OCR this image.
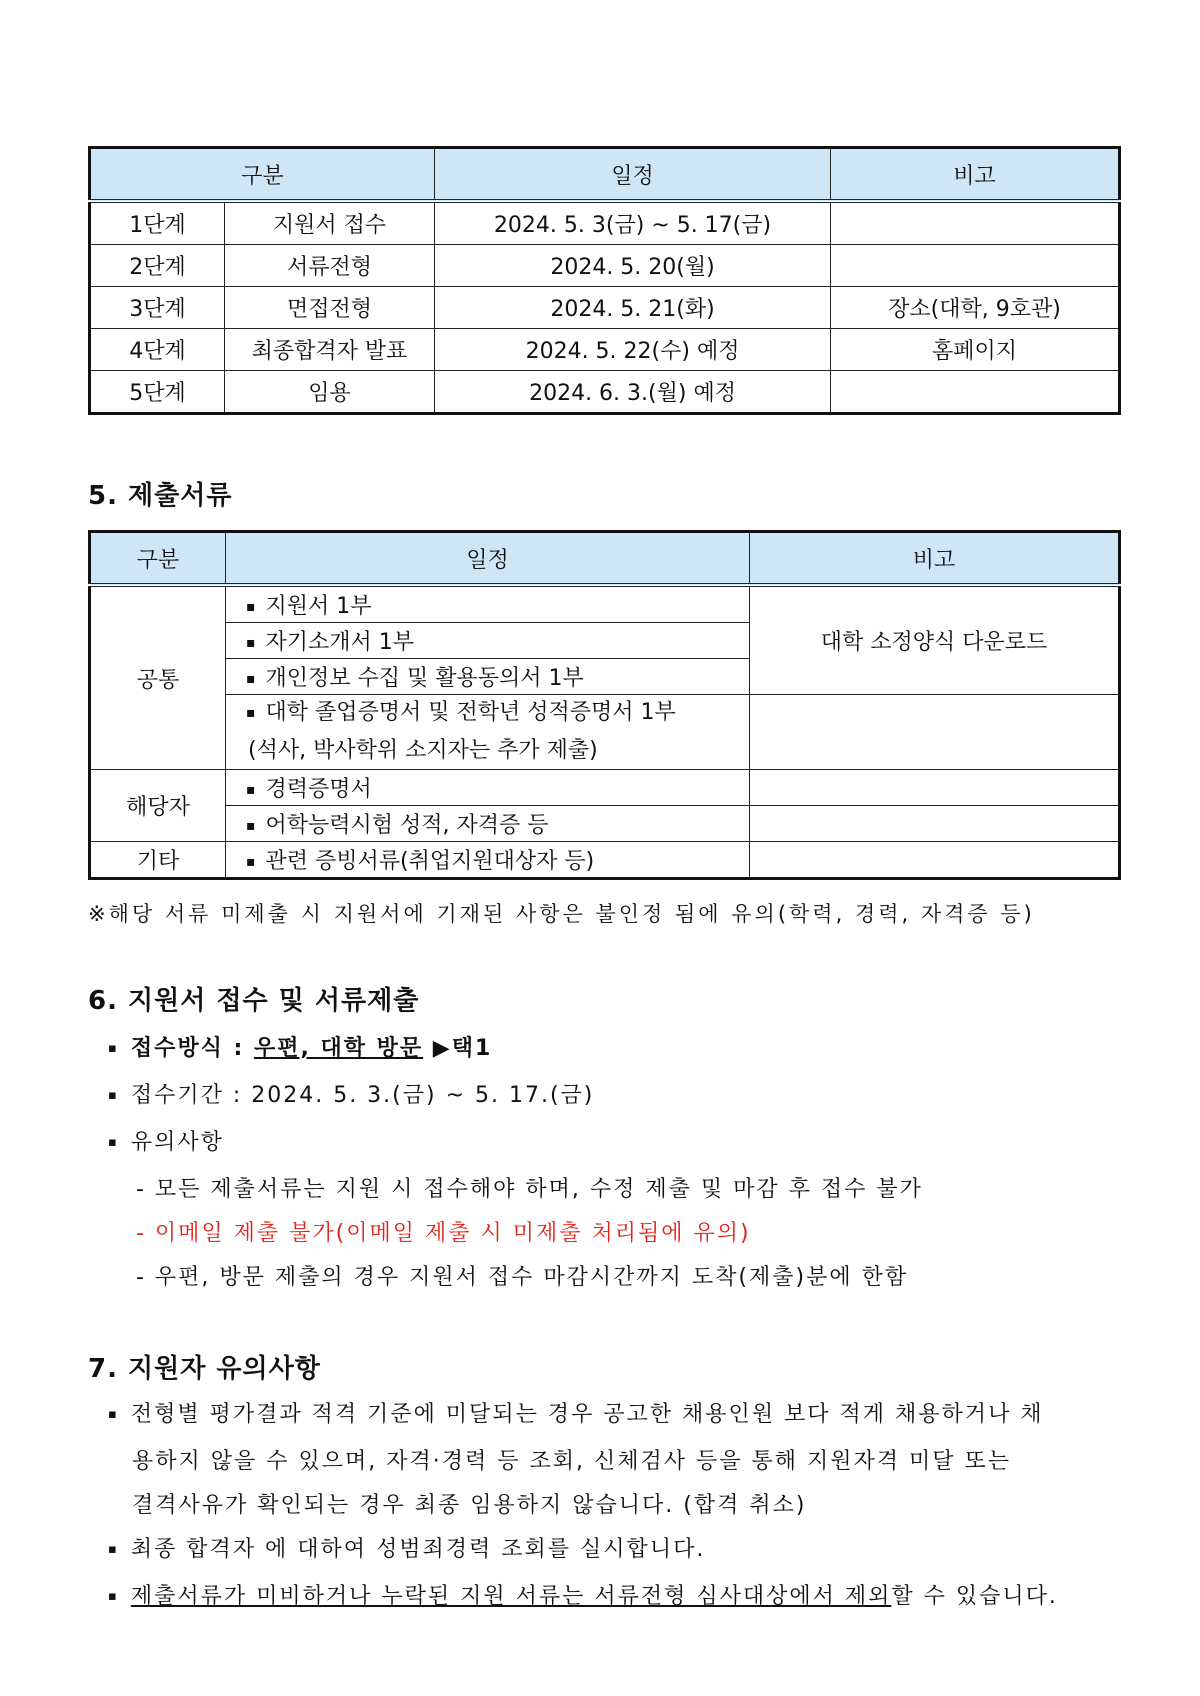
구분		일정	비고
1단계	지원서 접수	2024. 5. 3(금) ~ 5. 17(금)	
2단계	서류전형	2024. 5. 20(월)	
3단계	면접전형	2024. 5. 21(화)	장소(대학, 9호관)
4단계	최종합격자 발표	2024. 5. 22(수) 예정	홈페이지
5단계	임용	2024. 6. 3.(월) 예정	
5. 제출서류
구분	일정	비고
공통	▪ 지원서 1부	대학 소정양식 다운로드
	▪ 자기소개서 1부	
	▪ 개인정보 수집 및 활용동의서 1부	
	▪ 대학 졸업증명서 및 전학년 성적증명서 1부
(석사, 박사학위 소지자는 추가 제출)	
해당자	▪ 경력증명서	
	▪ 어학능력시험 성적, 자격증 등	
기타	▪ 관련 증빙서류(취업지원대상자 등)	
※해당 서류 미제출 시 지원서에 기재된 사항은 불인정 됨에 유의(학력, 경력, 자격증 등)
6. 지원서 접수 및 서류제출
▪ 접수방식 : 우편, 대학 방문 ▶택1
▪ 접수기간 : 2024. 5. 3.(금) ~ 5. 17.(금)
▪ 유의사항
- 모든 제출서류는 지원 시 접수해야 하며, 수정 제출 및 마감 후 접수 불가
- 이메일 제출 불가(이메일 제출 시 미제출 처리됨에 유의)
- 우편, 방문 제출의 경우 지원서 접수 마감시간까지 도착(제출)분에 한함
7. 지원자 유의사항
▪ 전형별 평가결과 적격 기준에 미달되는 경우 공고한 채용인원 보다 적게 채용하거나 채
용하지 않을 수 있으며, 자격·경력 등 조회, 신체검사 등을 통해 지원자격 미달 또는
결격사유가 확인되는 경우 최종 임용하지 않습니다. (합격 취소)
▪ 최종 합격자 에 대하여 성범죄경력 조회를 실시합니다.
▪ 제출서류가 미비하거나 누락된 지원 서류는 서류전형 심사대상에서 제외할 수 있습니다.
